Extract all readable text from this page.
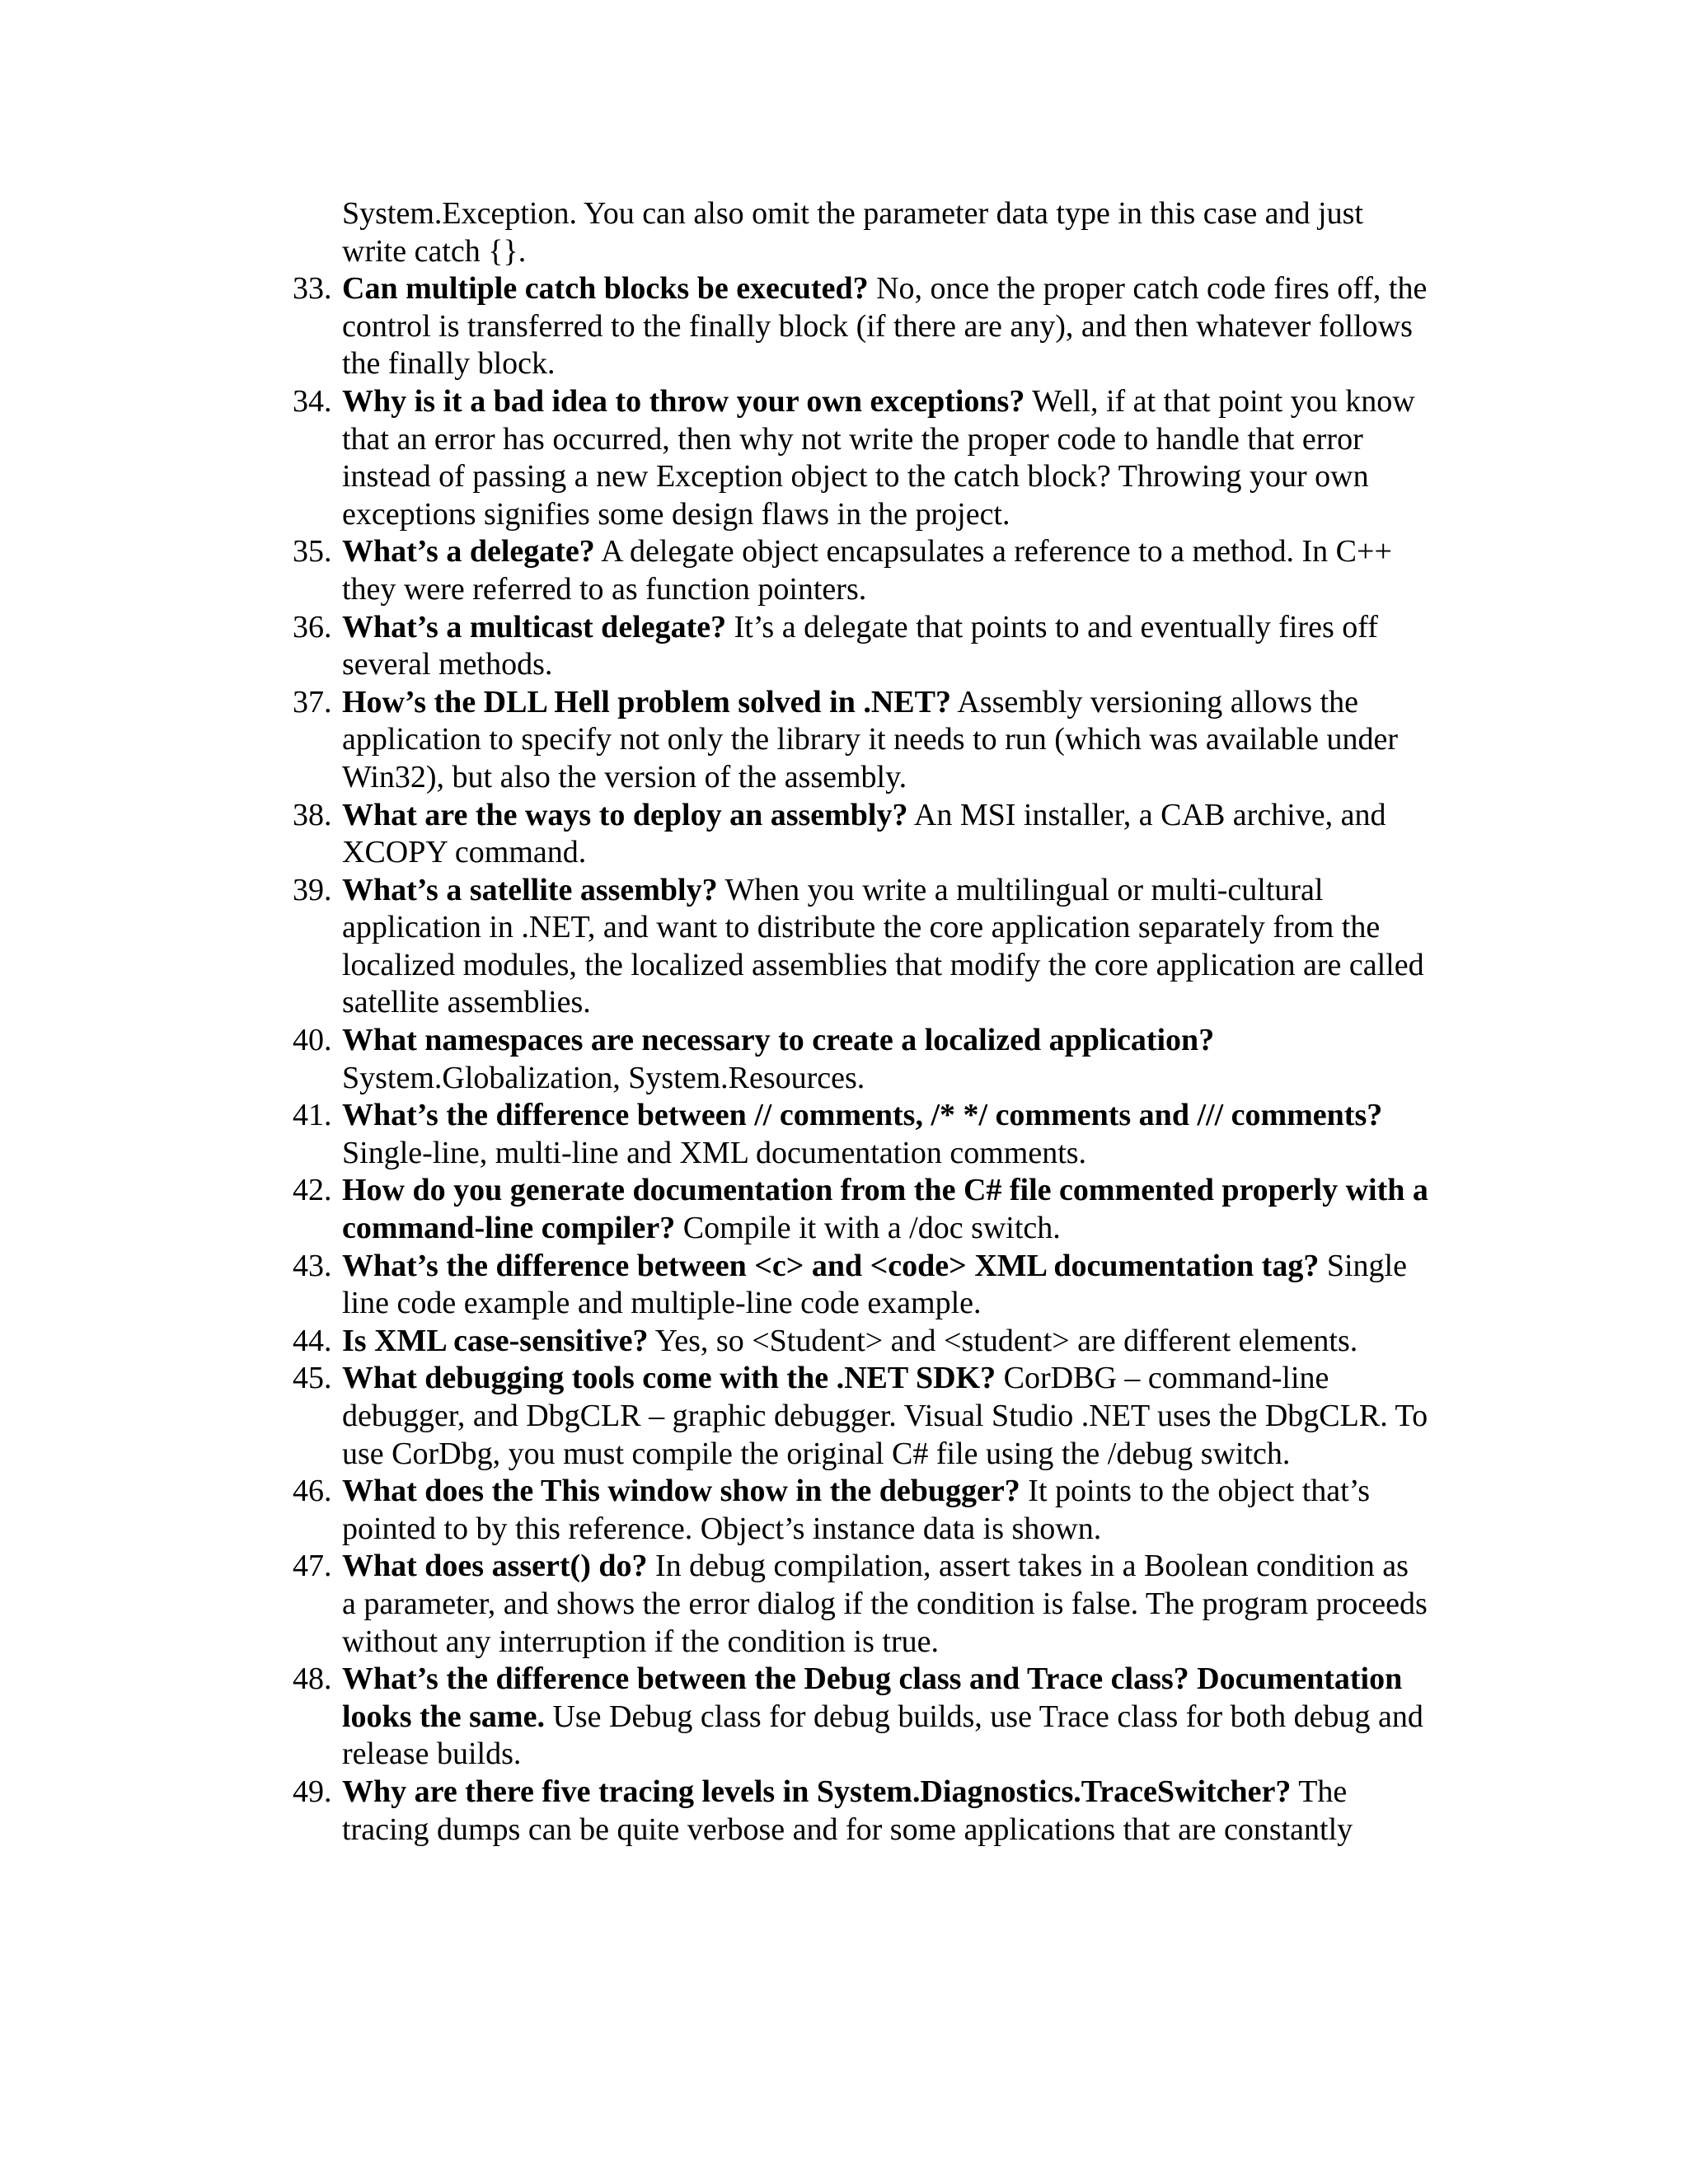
System.Exception. You can also omit the parameter data type in this case and just write catch {}.
33. Can multiple catch blocks be executed? No, once the proper catch code fires off, the control is transferred to the finally block (if there are any), and then whatever follows the finally block.
34. Why is it a bad idea to throw your own exceptions? Well, if at that point you know that an error has occurred, then why not write the proper code to handle that error instead of passing a new Exception object to the catch block? Throwing your own exceptions signifies some design flaws in the project.
35. What’s a delegate? A delegate object encapsulates a reference to a method. In C++ they were referred to as function pointers.
36. What’s a multicast delegate? It’s a delegate that points to and eventually fires off several methods.
37. How’s the DLL Hell problem solved in .NET? Assembly versioning allows the application to specify not only the library it needs to run (which was available under Win32), but also the version of the assembly.
38. What are the ways to deploy an assembly? An MSI installer, a CAB archive, and XCOPY command.
39. What’s a satellite assembly? When you write a multilingual or multi-cultural application in .NET, and want to distribute the core application separately from the localized modules, the localized assemblies that modify the core application are called satellite assemblies.
40. What namespaces are necessary to create a localized application? System.Globalization, System.Resources.
41. What’s the difference between // comments, /* */ comments and /// comments? Single-line, multi-line and XML documentation comments.
42. How do you generate documentation from the C# file commented properly with a command-line compiler? Compile it with a /doc switch.
43. What’s the difference between <c> and <code> XML documentation tag? Single line code example and multiple-line code example.
44. Is XML case-sensitive? Yes, so <Student> and <student> are different elements.
45. What debugging tools come with the .NET SDK? CorDBG – command-line debugger, and DbgCLR – graphic debugger. Visual Studio .NET uses the DbgCLR. To use CorDbg, you must compile the original C# file using the /debug switch.
46. What does the This window show in the debugger? It points to the object that’s pointed to by this reference. Object’s instance data is shown.
47. What does assert() do? In debug compilation, assert takes in a Boolean condition as a parameter, and shows the error dialog if the condition is false. The program proceeds without any interruption if the condition is true.
48. What’s the difference between the Debug class and Trace class? Documentation looks the same. Use Debug class for debug builds, use Trace class for both debug and release builds.
49. Why are there five tracing levels in System.Diagnostics.TraceSwitcher? The tracing dumps can be quite verbose and for some applications that are constantly
